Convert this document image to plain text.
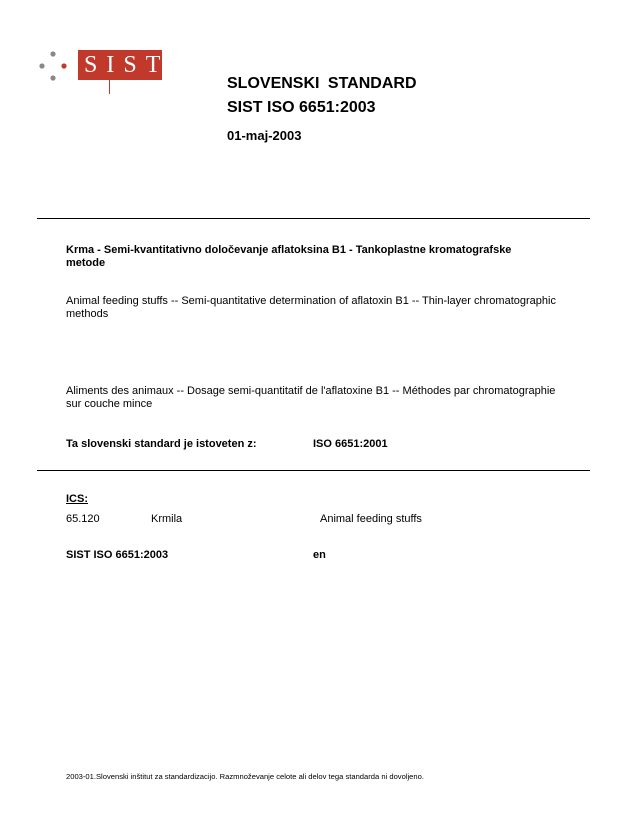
SIST
SLOVENSKI STANDARD
SIST ISO 6651:2003
01-maj-2003
Krma - Semi-kvantitativno določevanje aflatoksina B1 - Tankoplastne kromatografske metode
Animal feeding stuffs -- Semi-quantitative determination of aflatoxin B1 -- Thin-layer chromatographic methods
Aliments des animaux -- Dosage semi-quantitatif de l'aflatoxine B1 -- Méthodes par chromatographie sur couche mince
Ta slovenski standard je istoveten z:	ISO 6651:2001
ICS:
65.120	Krmila	Animal feeding stuffs
SIST ISO 6651:2003	en
2003-01.Slovenski inštitut za standardizacijo. Razmnoževanje celote ali delov tega standarda ni dovoljeno.
